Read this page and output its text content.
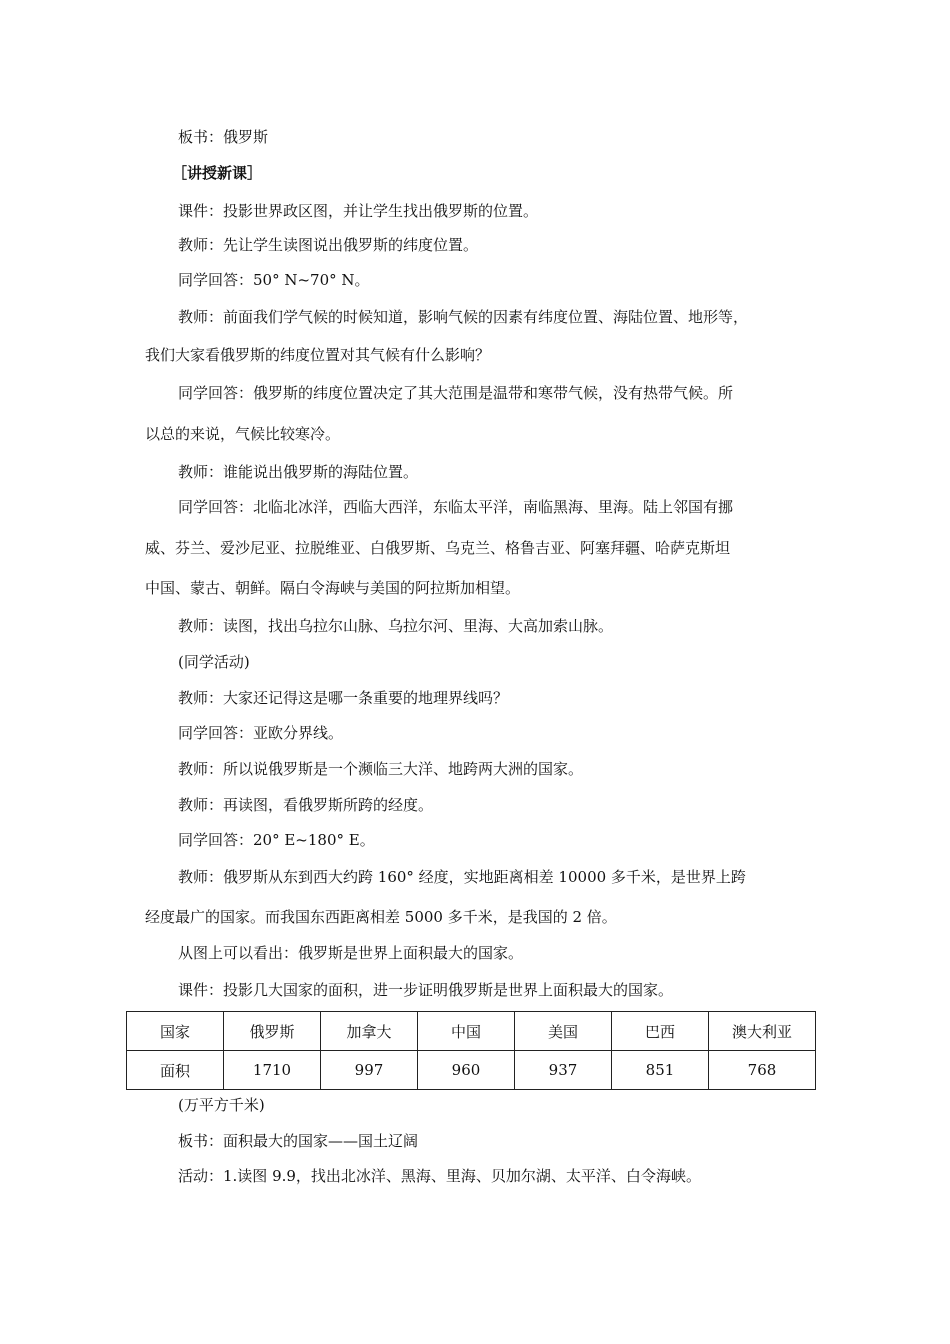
板书：俄罗斯
［讲授新课］
课件：投影世界政区图，并让学生找出俄罗斯的位置。
教师：先让学生读图说出俄罗斯的纬度位置。
同学回答：50° N~70° N。
教师：前面我们学气候的时候知道，影响气候的因素有纬度位置、海陆位置、地形等，
我们大家看俄罗斯的纬度位置对其气候有什么影响？
同学回答：俄罗斯的纬度位置决定了其大范围是温带和寒带气候，没有热带气候。所
以总的来说，气候比较寒冷。
教师：谁能说出俄罗斯的海陆位置。
同学回答：北临北冰洋，西临大西洋，东临太平洋，南临黑海、里海。陆上邻国有挪
威、芬兰、爱沙尼亚、拉脱维亚、白俄罗斯、乌克兰、格鲁吉亚、阿塞拜疆、哈萨克斯坦
中国、蒙古、朝鲜。隔白令海峡与美国的阿拉斯加相望。
教师：读图，找出乌拉尔山脉、乌拉尔河、里海、大高加索山脉。
(同学活动)
教师：大家还记得这是哪一条重要的地理界线吗？
同学回答：亚欧分界线。
教师：所以说俄罗斯是一个濒临三大洋、地跨两大洲的国家。
教师：再读图，看俄罗斯所跨的经度。
同学回答：20° E~180° E。
教师：俄罗斯从东到西大约跨 160° 经度，实地距离相差 10000 多千米，是世界上跨
经度最广的国家。而我国东西距离相差 5000 多千米，是我国的 2 倍。
从图上可以看出：俄罗斯是世界上面积最大的国家。
课件：投影几大国家的面积，进一步证明俄罗斯是世界上面积最大的国家。
国家	俄罗斯	加拿大	中国	美国	巴西	澳大利亚
面积	1710	997	960	937	851	768
(万平方千米)
板书：面积最大的国家——国土辽阔
活动：1.读图 9.9，找出北冰洋、黑海、里海、贝加尔湖、太平洋、白令海峡。
